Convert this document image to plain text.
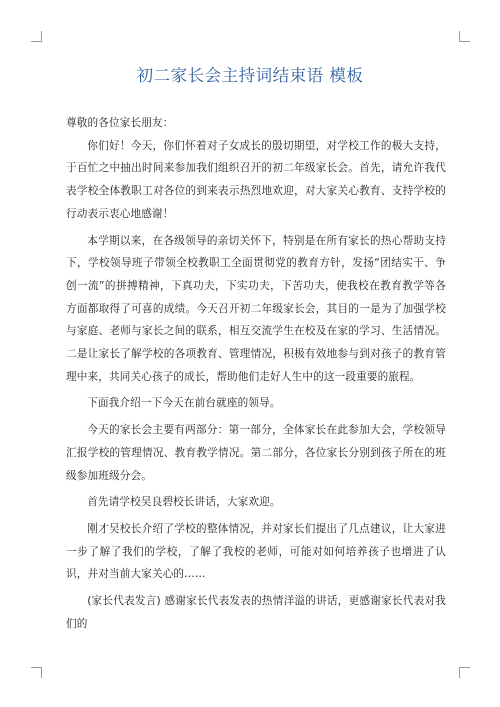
初二家长会主持词结束语 模板

尊敬的各位家长朋友：

你们好！今天，你们怀着对子女成长的殷切期望，对学校工作的极大支持，于百忙之中抽出时间来参加我们组织召开的初二年级家长会。首先，请允许我代表学校全体教职工对各位的到来表示热烈地欢迎，对大家关心教育、支持学校的行动表示衷心地感谢！

本学期以来，在各级领导的亲切关怀下，特别是在所有家长的热心帮助支持下，学校领导班子带领全校教职工全面贯彻党的教育方针，发扬“团结实干、争创一流”的拼搏精神，下真功夫，下实功夫，下苦功夫，使我校在教育教学等各方面都取得了可喜的成绩。今天召开初二年级家长会，其目的一是为了加强学校与家庭、老师与家长之间的联系，相互交流学生在校及在家的学习、生活情况。二是让家长了解学校的各项教育、管理情况，积极有效地参与到对孩子的教育管理中来，共同关心孩子的成长，帮助他们走好人生中的这一段重要的旅程。

下面我介绍一下今天在前台就座的领导。

今天的家长会主要有两部分：第一部分，全体家长在此参加大会，学校领导汇报学校的管理情况、教育教学情况。第二部分，各位家长分别到孩子所在的班级参加班级分会。

首先请学校吴良碧校长讲话，大家欢迎。

刚才吴校长介绍了学校的整体情况，并对家长们提出了几点建议，让大家进一步了解了我们的学校，了解了我校的老师，可能对如何培养孩子也增进了认识，并对当前大家关心的……

(家长代表发言) 感谢家长代表发表的热情洋溢的讲话，更感谢家长代表对我们的
